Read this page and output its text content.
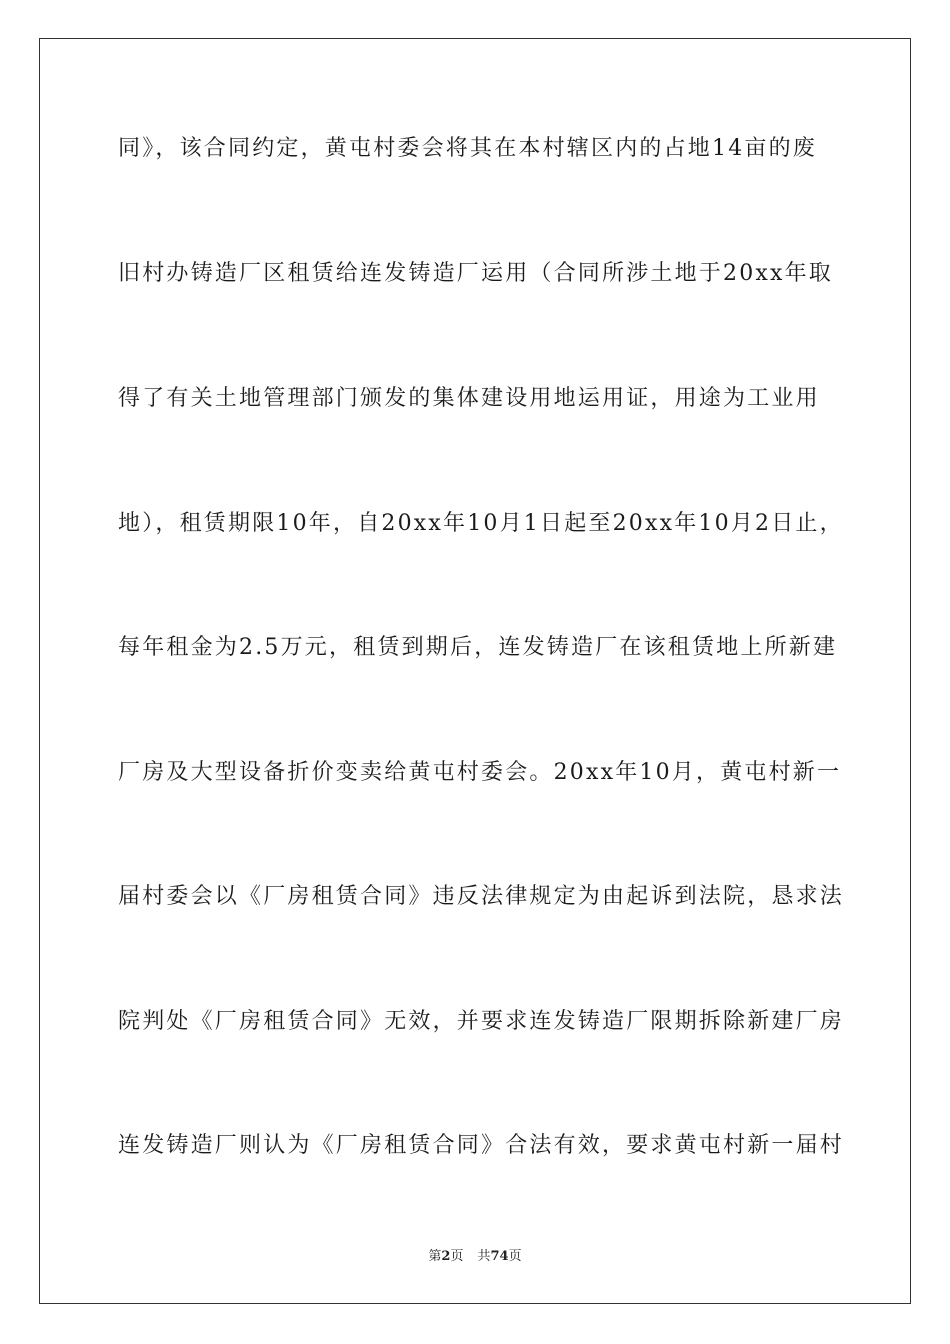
同》，该合同约定，黄屯村委会将其在本村辖区内的占地14亩的废
旧村办铸造厂区租赁给连发铸造厂运用（合同所涉土地于20xx年取
得了有关土地管理部门颁发的集体建设用地运用证，用途为工业用
地），租赁期限10年，自20xx年10月1日起至20xx年10月2日止，
每年租金为2.5万元，租赁到期后，连发铸造厂在该租赁地上所新建
厂房及大型设备折价变卖给黄屯村委会。20xx年10月，黄屯村新一
届村委会以《厂房租赁合同》违反法律规定为由起诉到法院，恳求法
院判处《厂房租赁合同》无效，并要求连发铸造厂限期拆除新建厂房
连发铸造厂则认为《厂房租赁合同》合法有效，要求黄屯村新一届村
第2页 共74页
